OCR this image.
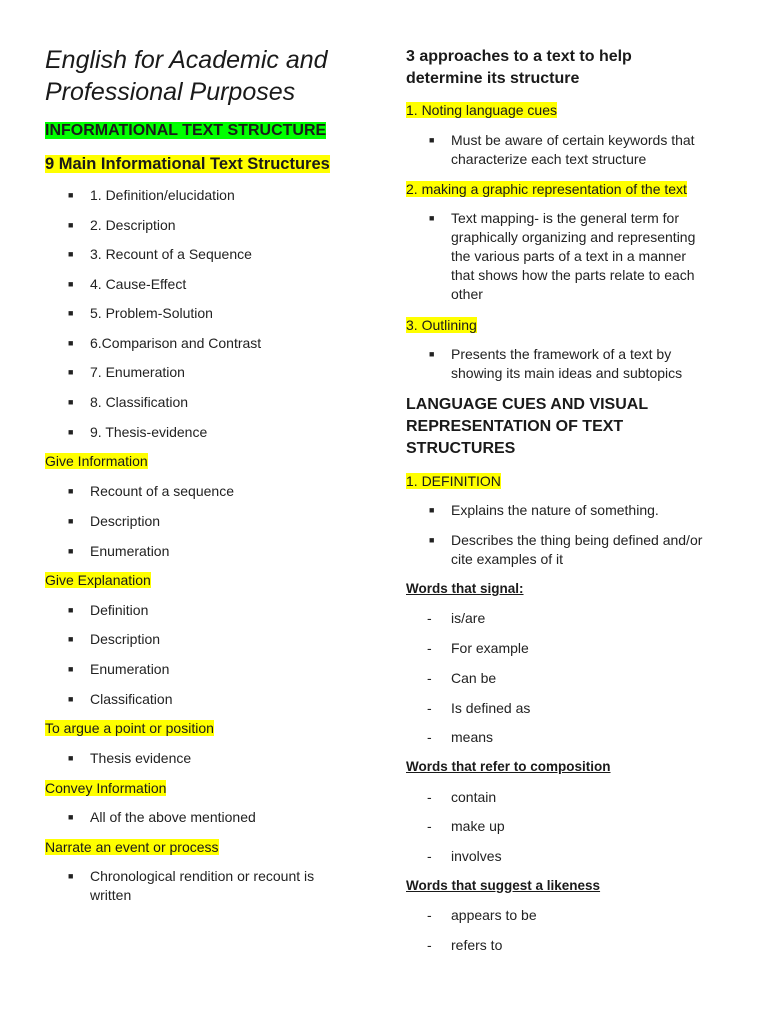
English for Academic and
Professional Purposes
INFORMATIONAL TEXT STRUCTURE
9 Main Informational Text Structures
■ 1. Definition/elucidation
■ 2. Description
■ 3. Recount of a Sequence
■ 4. Cause-Effect
■ 5. Problem-Solution
■ 6.Comparison and Contrast
■ 7. Enumeration
■ 8. Classification
■ 9. Thesis-evidence

Give Information

■ Recount of a sequence
■ Description
■ Enumeration

Give Explanation

■ Definition
■ Description
■ Enumeration
■ Classification

To argue a point or position

■ Thesis evidence

Convey Information

■ All of the above mentioned

Narrate an event or process

■ Chronological rendition or recount is
written
3 approaches to a text to help
determine its structure

1. Noting language cues

■ Must be aware of certain keywords that
characterize each text structure

2. making a graphic representation of the text

■ Text mapping- is the general term for
graphically organizing and representing
the various parts of a text in a manner
that shows how the parts relate to each
other

3. Outlining

■ Presents the framework of a text by
showing its main ideas and subtopics
LANGUAGE CUES AND VISUAL
REPRESENTATION OF TEXT
STRUCTURES

1. DEFINITION

■ Explains the nature of something.
■ Describes the thing being defined and/or
cite examples of it

Words that signal:

- is/are
- For example
- Can be
- Is defined as
- means

Words that refer to composition

- contain
- make up
- involves

Words that suggest a likeness

- appears to be
- refers to
